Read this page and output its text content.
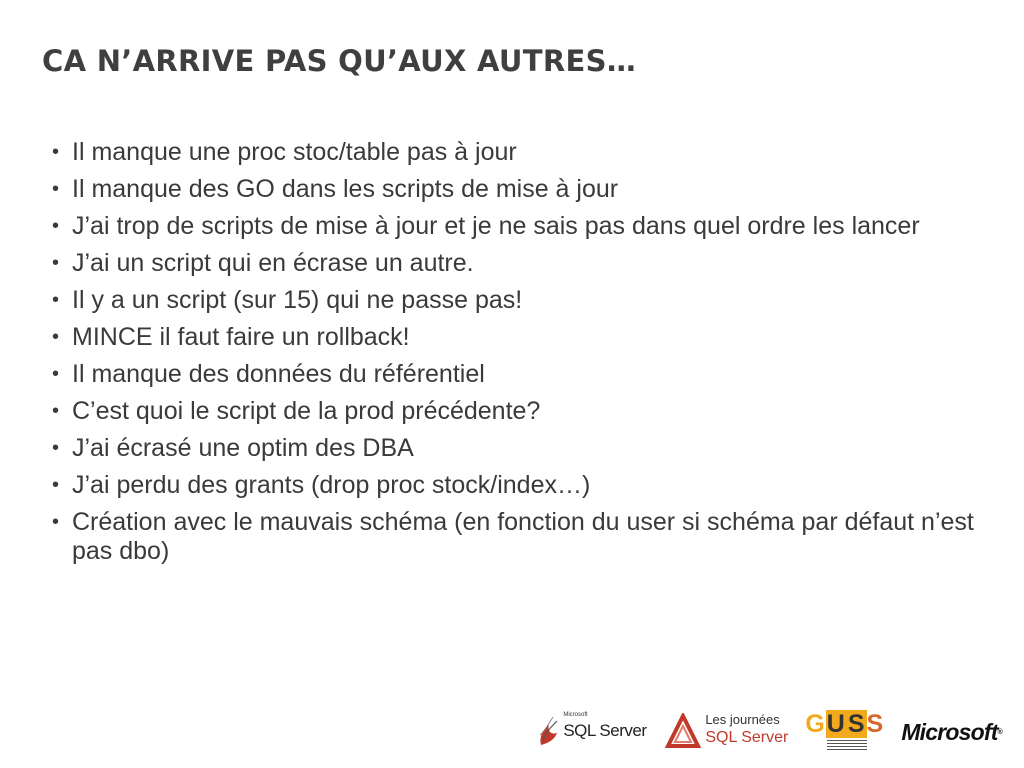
CA N’ARRIVE PAS QU’AUX AUTRES…
• Il manque une proc stoc/table pas à jour
• Il manque des GO dans les scripts de mise à jour
• J’ai trop de scripts de mise à jour et je ne sais pas dans quel ordre les lancer
• J’ai un script qui en écrase un autre.
• Il y a un script (sur 15) qui ne passe pas!
• MINCE il faut faire un rollback!
• Il manque des données du référentiel
• C’est quoi le script de la prod précédente?
• J’ai écrasé une optim des DBA
• J’ai perdu des grants (drop proc stock/index…)
• Création avec le mauvais schéma (en fonction du user si schéma par défaut n’est pas dbo)
Microsoft
SQL Server
Les journées
SQL Server GUSS Microsoft ®
